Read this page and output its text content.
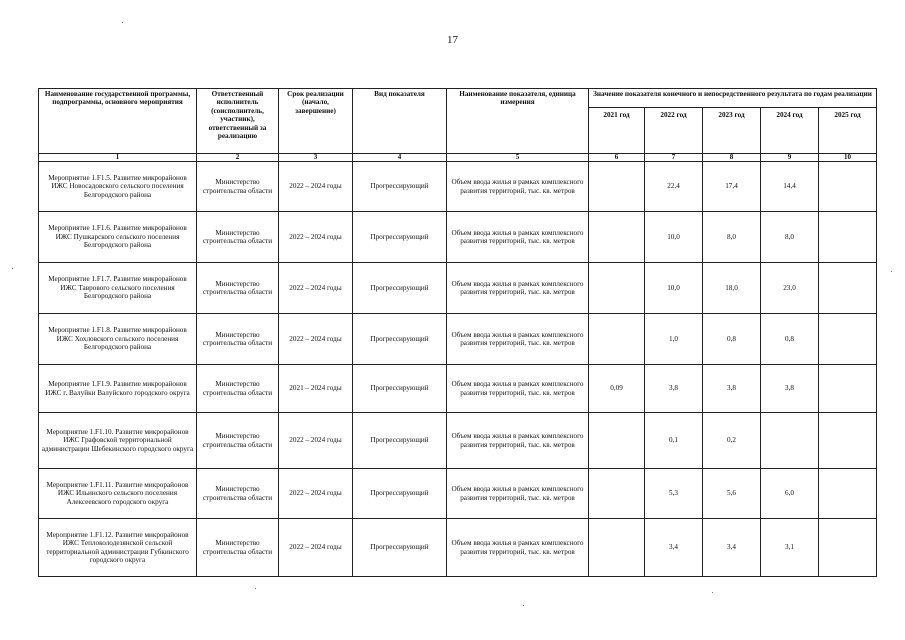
17
Наименование государственной программы, подпрограммы, основного мероприятия	Ответственный исполнитель (соисполнитель, участник), ответственный за реализацию	Срок реализации (начало, завершение)	Вид показателя	Наименование показателя, единица измерения	Значение показателя конечного и непосредственного результата по годам реализации				
					2021 год	2022 год	2023 год	2024 год	2025 год
1	2	3	4	5	6	7	8	9	10
Мероприятие 1.F1.5. Развитие микрорайонов ИЖС Новосадовского сельского поселения Белгородского района	Министерство строительства области	2022 – 2024 годы	Прогрессирующий	Объем ввода жилья в рамках комплексного развития территорий, тыс. кв. метров		22,4	17,4	14,4	
Мероприятие 1.F1.6. Развитие микрорайонов ИЖС Пушкарского сельского поселения Белгородского района	Министерство строительства области	2022 – 2024 годы	Прогрессирующий	Объем ввода жилья в рамках комплексного развития территорий, тыс. кв. метров		10,0	8,0	8,0	
Мероприятие 1.F1.7. Развитие микрорайонов ИЖС Таврового сельского поселения Белгородского района	Министерство строительства области	2022 – 2024 годы	Прогрессирующий	Объем ввода жилья в рамках комплексного развития территорий, тыс. кв. метров		10,0	18,0	23,0	
Мероприятие 1.F1.8. Развитие микрорайонов ИЖС Хохловского сельского поселения Белгородского района	Министерство строительства области	2022 – 2024 годы	Прогрессирующий	Объем ввода жилья в рамках комплексного развития территорий, тыс. кв. метров		1,0	0,8	0,8	
Мероприятие 1.F1.9. Развитие микрорайонов ИЖС г. Валуйки Валуйского городского округа	Министерство строительства области	2021 – 2024 годы	Прогрессирующий	Объем ввода жилья в рамках комплексного развития территорий, тыс. кв. метров	0,09	3,8	3,8	3,8	
Мероприятие 1.F1.10. Развитие микрорайонов ИЖС Графовской территориальной администрации Шебекинского городского округа	Министерство строительства области	2022 – 2024 годы	Прогрессирующий	Объем ввода жилья в рамках комплексного развития территорий, тыс. кв. метров		0,1	0,2		
Мероприятие 1.F1.11. Развитие микрорайонов ИЖС Ильинского сельского поселения Алексеевского городского округа	Министерство строительства области	2022 – 2024 годы	Прогрессирующий	Объем ввода жилья в рамках комплексного развития территорий, тыс. кв. метров		5,3	5,6	6,0	
Мероприятие 1.F1.12. Развитие микрорайонов ИЖС Теплоколодезянской сельской территориальной администрации Губкинского городского округа	Министерство строительства области	2022 – 2024 годы	Прогрессирующий	Объем ввода жилья в рамках комплексного развития территорий, тыс. кв. метров		3,4	3,4	3,1	
